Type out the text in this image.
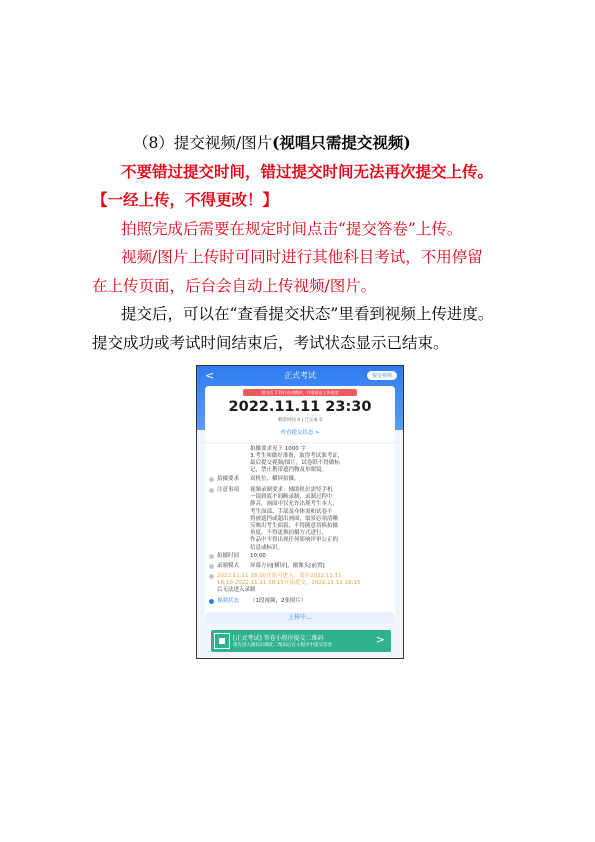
（8）提交视频/图片(视唱只需提交视频)
不要错过提交时间，错过提交时间无法再次提交上传。
【一经上传，不得更改！】
拍照完成后需要在规定时间点击“提交答卷”上传。
视频/图片上传时可同时进行其他科目考试，不用停留
在上传页面，后台会自动上传视频/图片。
提交后，可以在“查看提交状态”里看到视频上传进度。
提交成功或考试时间结束后，考试状态显示已结束。
<	正式考试	提交视频
提交后 1 秒后自动跳转，并请留意上传进度
2022.11.11 23:30
剩余时间 9 | 已完成 0
查看提交状态 >
拍摄要求见下 1000 字
3.考生须做好准备，取得考试准考证，
最后提交视频/图片，试卷纸不得做标
记，禁止携带遮挡物及单眼镜。
拍摄要求 双机位，横屏拍摄。
注意事项 视频录制要求：辅助机位需竖手机
一镜到底不间断录制，录制过程中
静音，画面中仅允许出现考生本人，
考生面部、手部及身体需和试卷不
得被遮挡或超出画面，取景必须清晰
反映出考生面貌，不得随意切换拍摄
角度，不得更换拍摄方式进行，
作品中不得出现任何影响评审公正的
信息或标识。
拍摄时间 10:00
录制模式 屏幕方向[横屏]，摄像头[前置]
2022.11.11 18:10开始可进入，需在2022.11.11
18:10-2022.11.11 18:15开始提交，2022.11.11 18:15
后无法进入录制
视频状态 （1段视频，2张照片）
上传中...
[正式考试] 答卷小程序提交二维码
请先进入微信扫描此二维码后在小程序中提交答卷	>
